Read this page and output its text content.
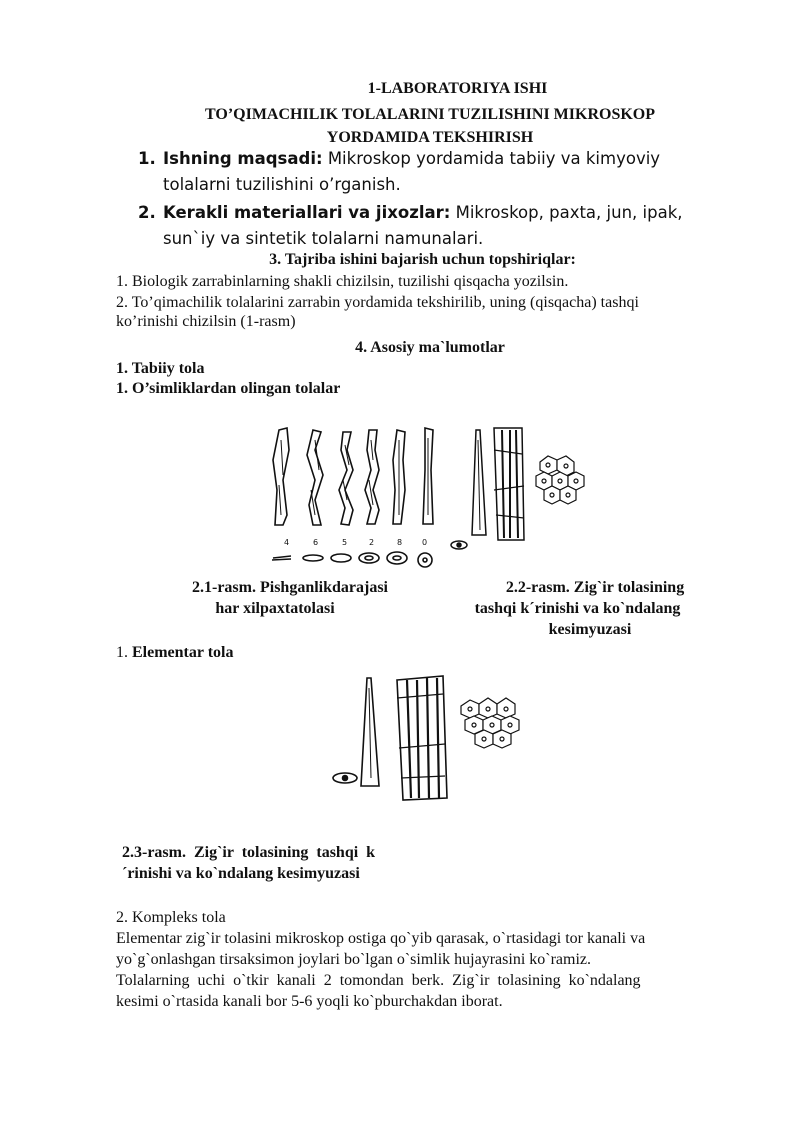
1-LABORATORIYA ISHI
TO’QIMACHILIK TOLALARINI TUZILISHINI MIKROSKOP
YORDAMIDA TEKSHIRISH
1. Ishning maqsadi: Mikroskop yordamida tabiiy va kimyoviy
tolalarni tuzilishini o’rganish.
2. Kerakli materiallari va jixozlar: Mikroskop, paxta, jun, ipak,
sun`iy va sintetik tolalarni namunalari.
3. Tajriba ishini bajarish uchun topshiriqlar:
1. Biologik zarrabinlarning shakli chizilsin, tuzilishi qisqacha yozilsin.
2. To’qimachilik tolalarini zarrabin yordamida tekshirilib, uning (qisqacha) tashqi
ko’rinishi chizilsin (1-rasm)
4. Asosiy ma`lumotlar
1. Tabiiy tola
1. O’simliklardan olingan tolalar
4	6	5	2	8 0
2.1-rasm. Pishganlikdarajasi
har xilpaxtatolasi
2.2-rasm. Zig`ir tolasining
tashqi k´rinishi va ko`ndalang
kesimyuzasi
1. Elementar tola
2.3-rasm.  Zig`ir  tolasining  tashqi  k
´rinishi va ko`ndalang kesimyuzasi
2. Kompleks tola
Elementar zig`ir tolasini mikroskop ostiga qo`yib qarasak, o`rtasidagi tor kanali va
yo`g`onlashgan tirsaksimon joylari bo`lgan o`simlik hujayrasini ko`ramiz.
Tolalarning  uchi  o`tkir  kanali  2  tomondan  berk.  Zig`ir  tolasining  ko`ndalang
kesimi o`rtasida kanali bor 5-6 yoqli ko`pburchakdan iborat.
